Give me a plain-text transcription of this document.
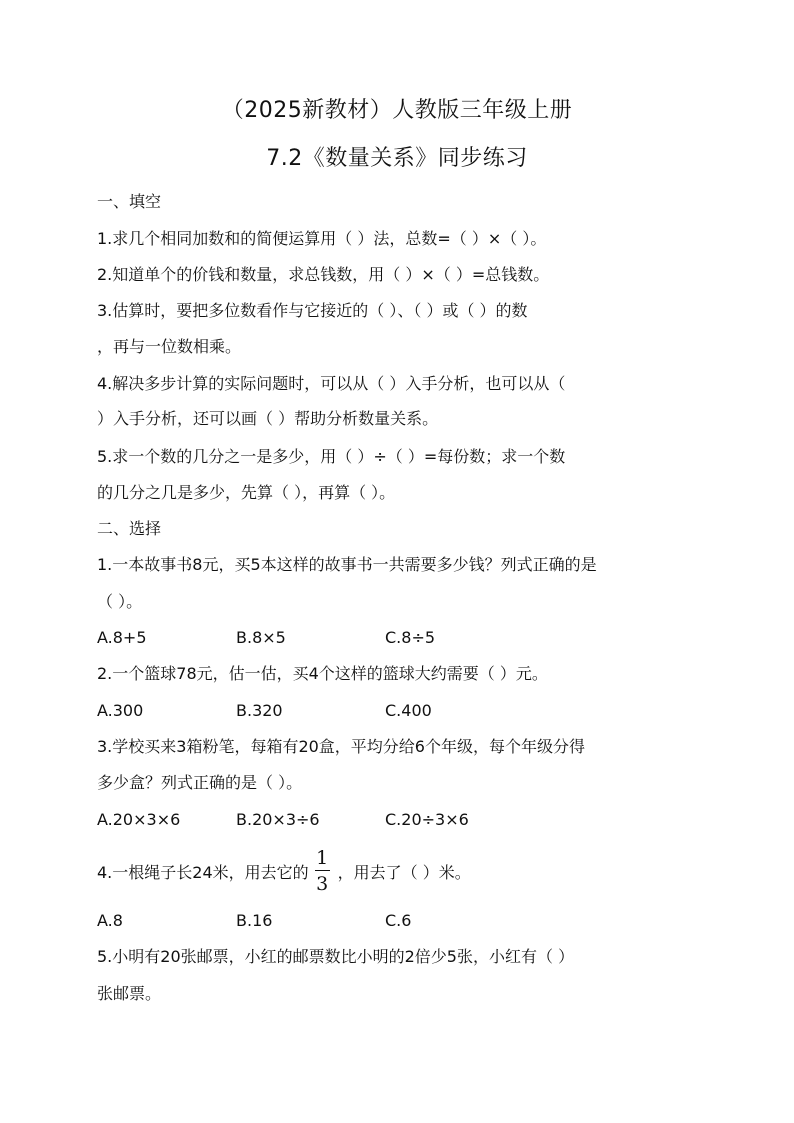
（2025新教材）人教版三年级上册
7.2《数量关系》同步练习
一、填空
1.求几个相同加数和的简便运算用（ ）法，总数=（ ）×（ ）。
2.知道单个的价钱和数量，求总钱数，用（ ）×（ ）=总钱数。
3.估算时，要把多位数看作与它接近的（ ）、（ ）或（ ）的数
，再与一位数相乘。
4.解决多步计算的实际问题时，可以从（ ）入手分析，也可以从（
）入手分析，还可以画（ ）帮助分析数量关系。
5.求一个数的几分之一是多少，用（ ）÷（ ）=每份数；求一个数
的几分之几是多少，先算（ ），再算（ ）。
二、选择
1.一本故事书8元，买5本这样的故事书一共需要多少钱？列式正确的是
（ ）。
A.8+5	B.8×5	C.8÷5
2.一个篮球78元，估一估，买4个这样的篮球大约需要（ ）元。
A.300	B.320	C.400
3.学校买来3箱粉笔，每箱有20盒，平均分给6个年级，每个年级分得
多少盒？列式正确的是（ ）。
A.20×3×6	B.20×3÷6	C.20÷3×6
4.一根绳子长24米，用去它的 $\frac{1}{3}$ ，用去了（ ）米。
A.8	B.16	C.6
5.小明有20张邮票，小红的邮票数比小明的2倍少5张，小红有（ ）
张邮票。
